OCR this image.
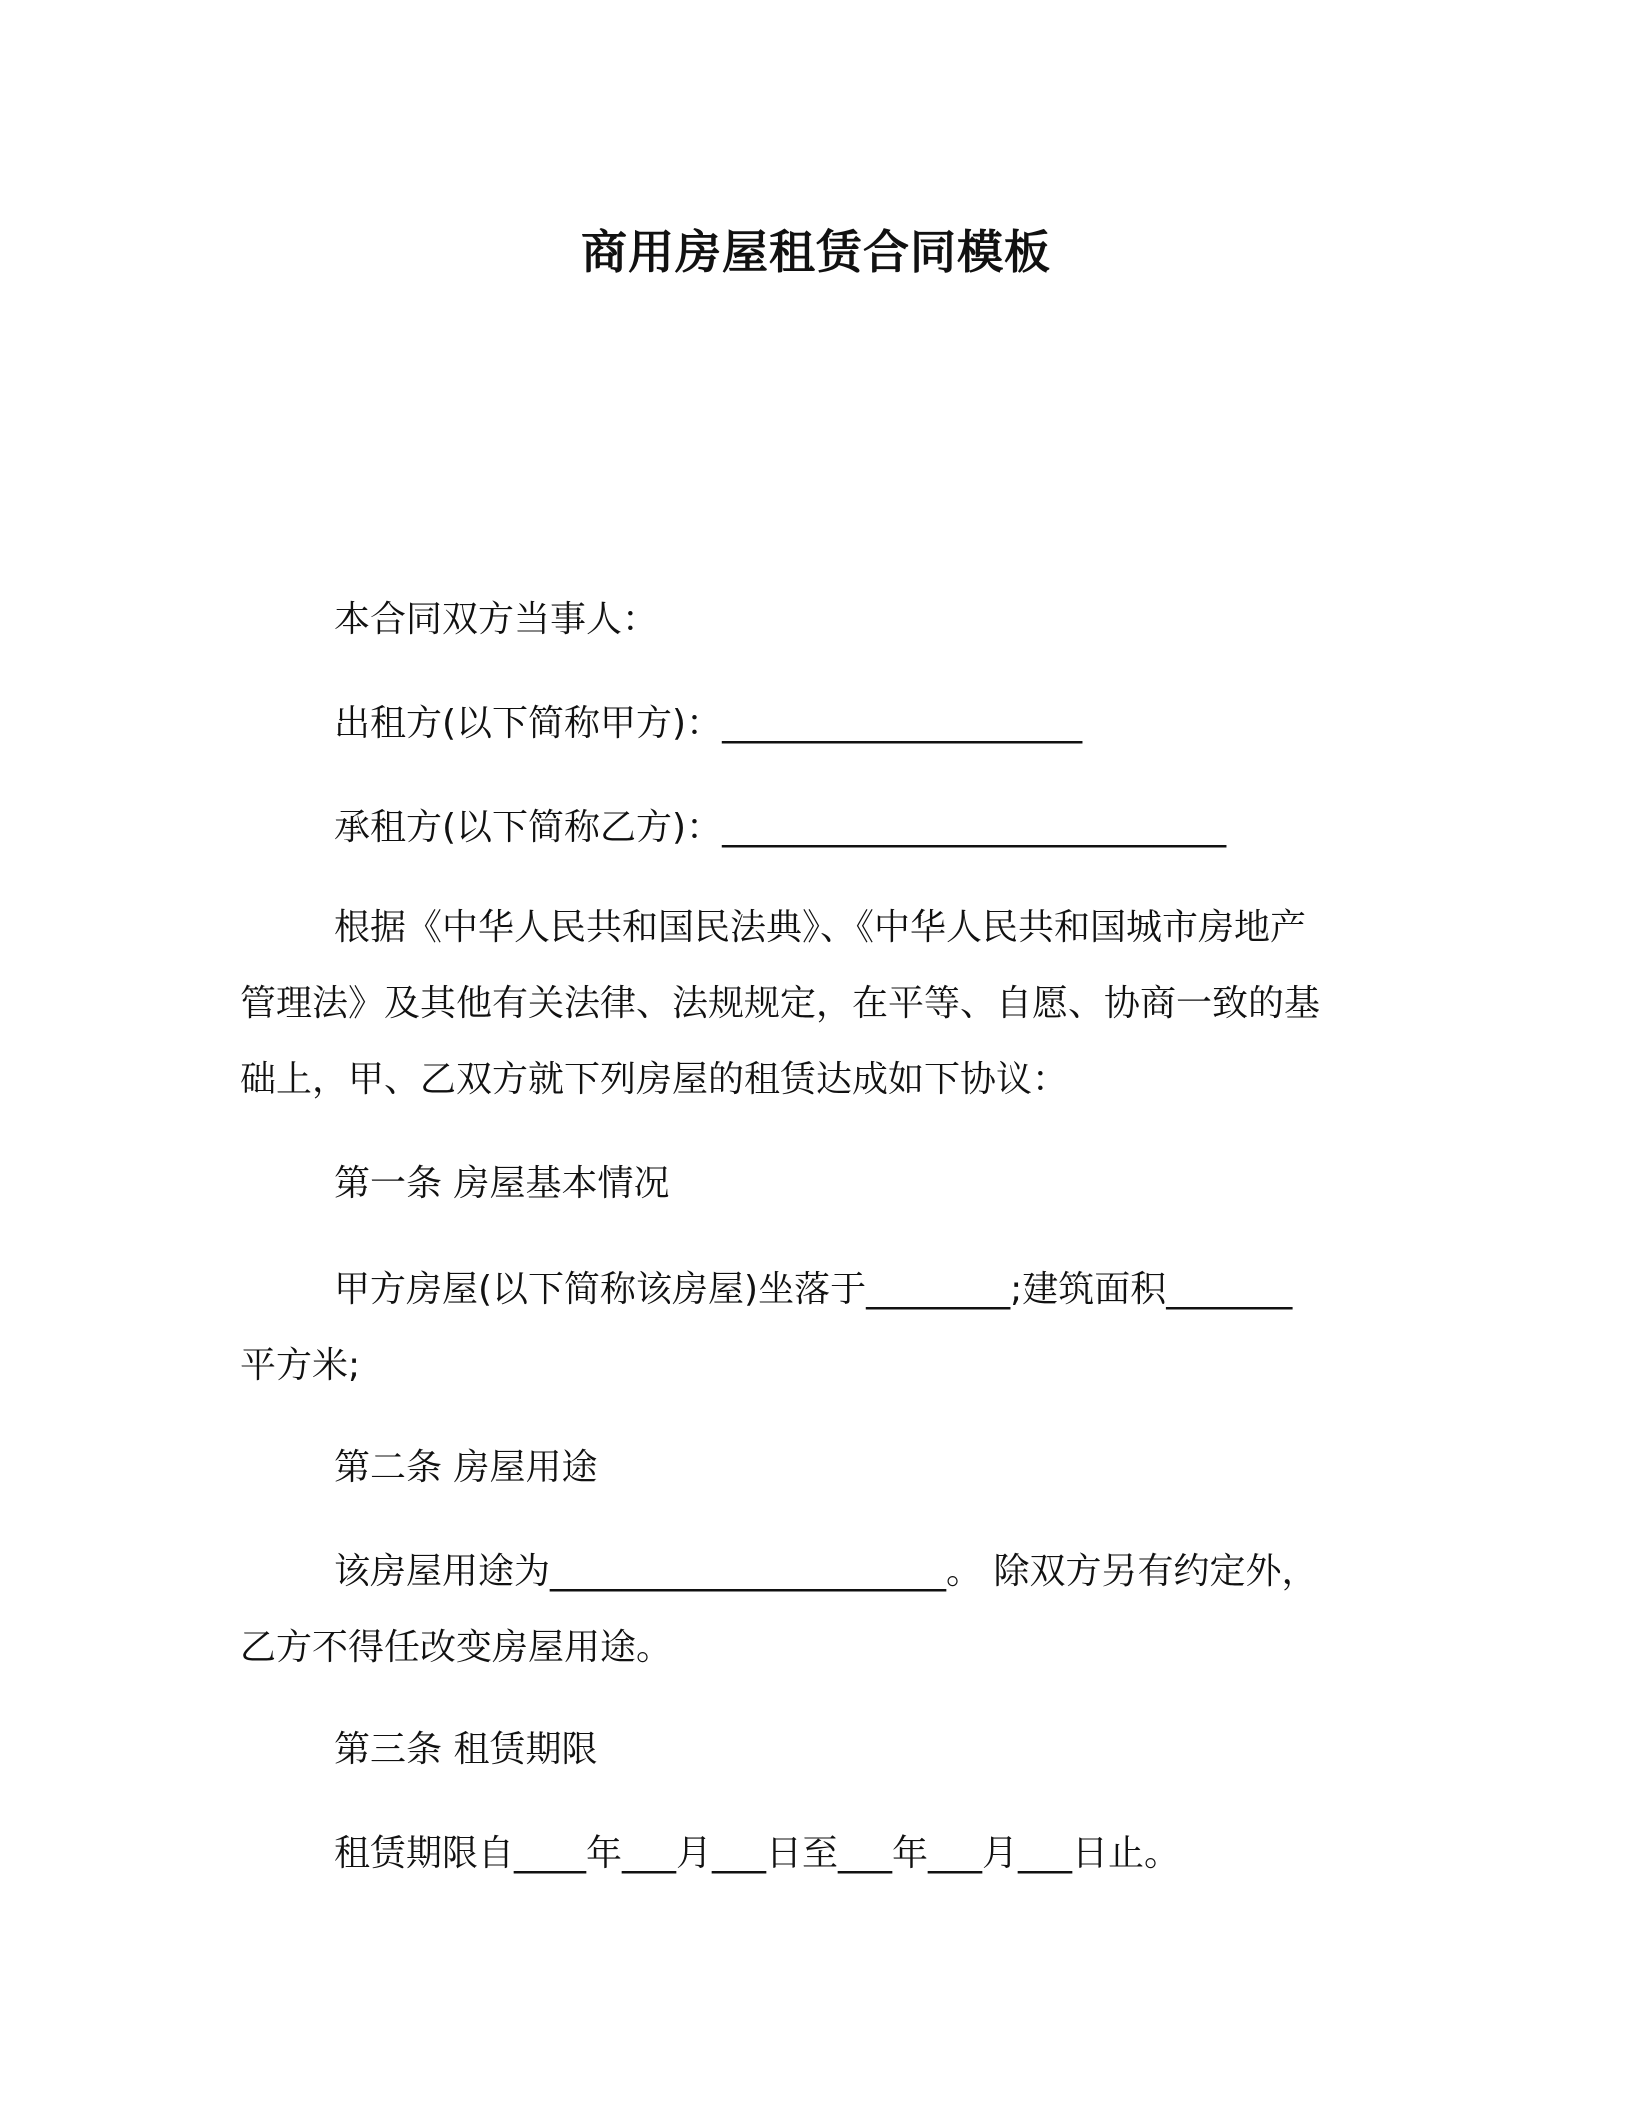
商用房屋租赁合同模板
本合同双方当事人：
出租方(以下简称甲方)：____________________
承租方(以下简称乙方)：____________________________
根据《中华人民共和国民法典》、《中华人民共和国城市房地产
管理法》及其他有关法律、法规规定，在平等、自愿、协商一致的基
础上，甲、乙双方就下列房屋的租赁达成如下协议：
第一条 房屋基本情况
甲方房屋(以下简称该房屋)坐落于________;建筑面积_______
平方米;
第二条 房屋用途
该房屋用途为______________________。 除双方另有约定外，
乙方不得任改变房屋用途。
第三条 租赁期限
租赁期限自____年___月___日至___年___月___日止。
